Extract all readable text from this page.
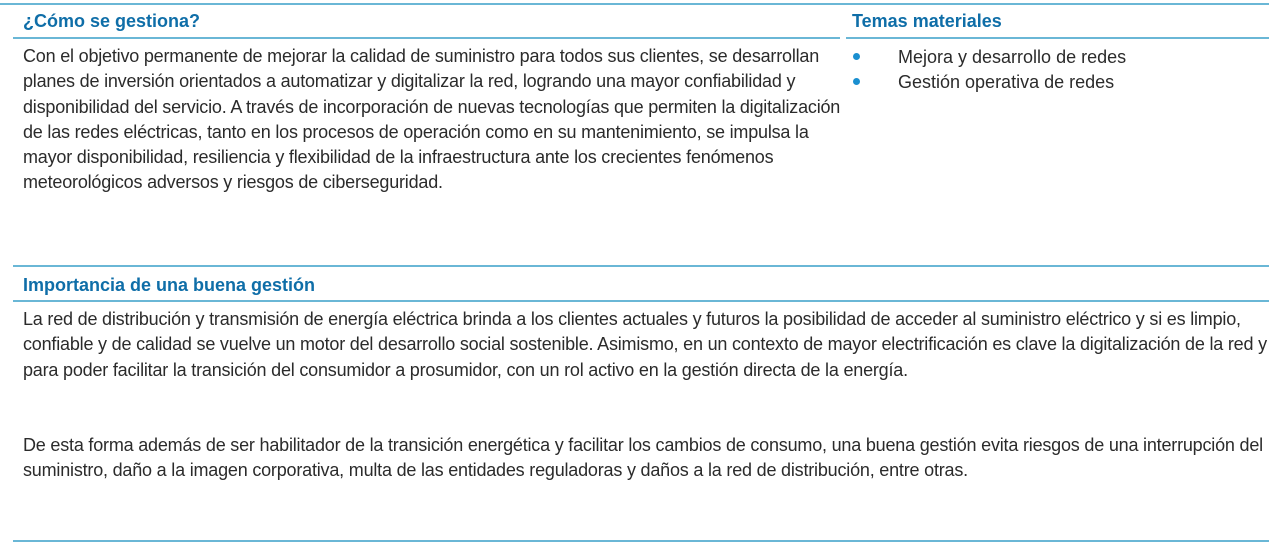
¿Cómo se gestiona?	Temas materiales

Con el objetivo permanente de mejorar la calidad de suministro para todos sus clientes, se desarrollan planes de inversión orientados a automatizar y digitalizar la red, logrando una mayor confiabilidad y disponibilidad del servicio. A través de incorporación de nuevas tecnologías que permiten la digitalización de las redes eléctricas, tanto en los procesos de operación como en su mantenimiento, se impulsa la mayor disponibilidad, resiliencia y flexibilidad de la infraestructura ante los crecientes fenómenos meteorológicos adversos y riesgos de ciberseguridad.

Mejora y desarrollo de redes
Gestión operativa de redes
Importancia de una buena gestión

La red de distribución y transmisión de energía eléctrica brinda a los clientes actuales y futuros la posibilidad de acceder al suministro eléctrico y si es limpio, confiable y de calidad se vuelve un motor del desarrollo social sostenible. Asimismo, en un contexto de mayor electrificación es clave la digitalización de la red y para poder facilitar la transición del consumidor a prosumidor, con un rol activo en la gestión directa de la energía.

De esta forma además de ser habilitador de la transición energética y facilitar los cambios de consumo, una buena gestión evita riesgos de una interrupción del suministro, daño a la imagen corporativa, multa de las entidades reguladoras y daños a la red de distribución, entre otras.
